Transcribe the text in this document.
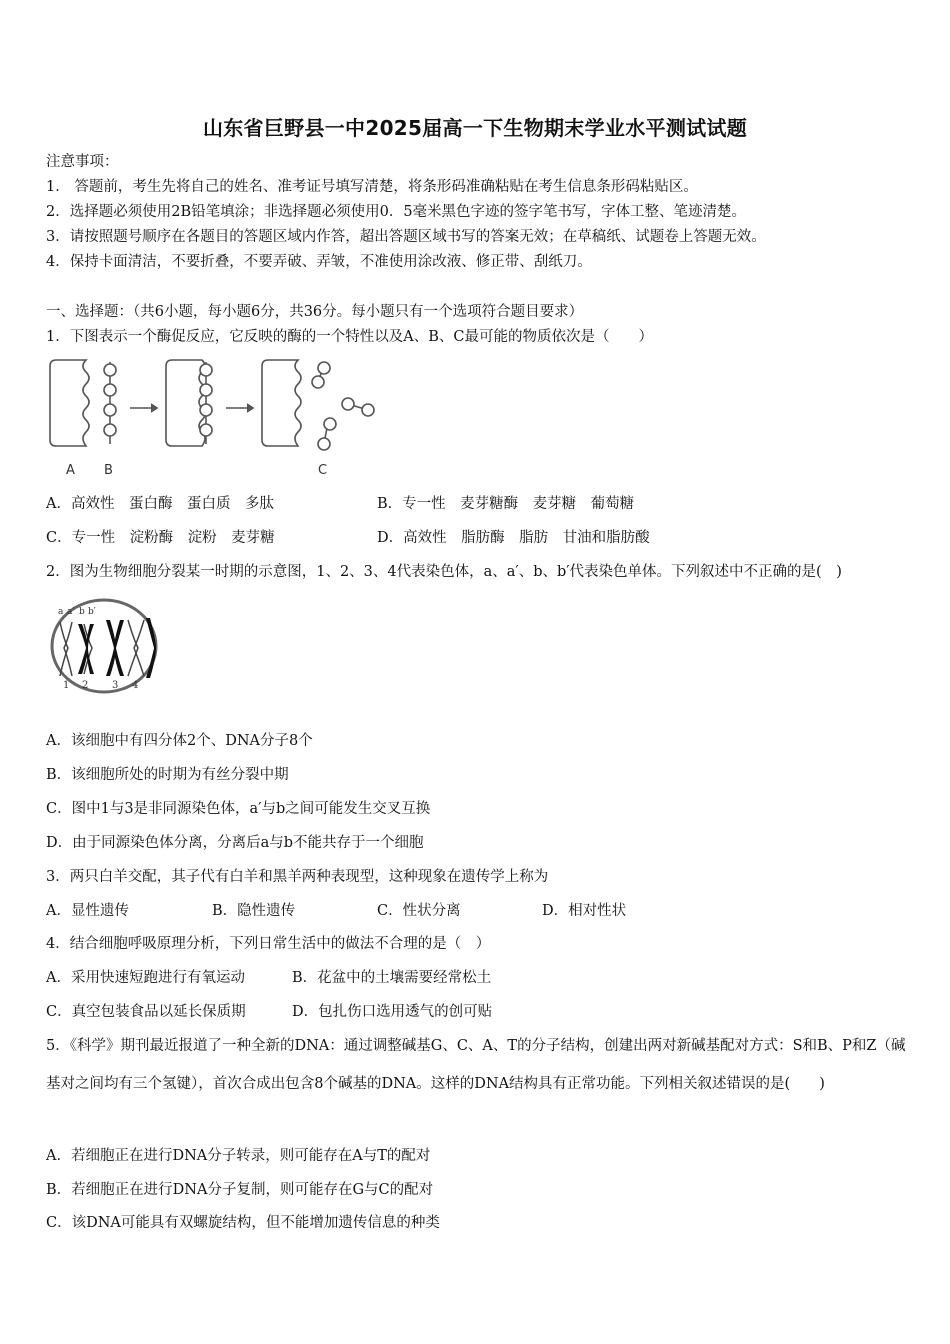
山东省巨野县一中2025届高一下生物期末学业水平测试试题
注意事项：
1． 答题前，考生先将自己的姓名、准考证号填写清楚，将条形码准确粘贴在考生信息条形码粘贴区。
2．选择题必须使用2B铅笔填涂；非选择题必须使用0．5毫米黑色字迹的签字笔书写，字体工整、笔迹清楚。
3．请按照题号顺序在各题目的答题区域内作答，超出答题区域书写的答案无效；在草稿纸、试题卷上答题无效。
4．保持卡面清洁，不要折叠，不要弄破、弄皱，不准使用涂改液、修正带、刮纸刀。
一、选择题：（共6小题，每小题6分，共36分。每小题只有一个选项符合题目要求）
1．下图表示一个酶促反应，它反映的酶的一个特性以及A、B、C最可能的物质依次是（　　）
A B	C
A．高效性　蛋白酶　蛋白质　多肽	B．专一性　麦芽糖酶　麦芽糖　葡萄糖
C．专一性　淀粉酶　淀粉　麦芽糖	D．高效性　脂肪酶　脂肪　甘油和脂肪酸
2．图为生物细胞分裂某一时期的示意图，1、2、3、4代表染色体，a、a′、b、b′代表染色单体。下列叙述中不正确的是(　)
a a′ b b′
1 2 3 4
A．该细胞中有四分体2个、DNA分子8个
B．该细胞所处的时期为有丝分裂中期
C．图中1与3是非同源染色体，a′与b之间可能发生交叉互换
D．由于同源染色体分离，分离后a与b不能共存于一个细胞
3．两只白羊交配，其子代有白羊和黑羊两种表现型，这种现象在遗传学上称为
A．显性遗传	B．隐性遗传	C．性状分离	D．相对性状
4．结合细胞呼吸原理分析，下列日常生活中的做法不合理的是（　）
A．采用快速短跑进行有氧运动	B．花盆中的土壤需要经常松土
C．真空包装食品以延长保质期	D．包扎伤口选用透气的创可贴
5．《科学》期刊最近报道了一种全新的DNA：通过调整碱基G、C、A、T的分子结构，创建出两对新碱基配对方式：S和B、P和Z（碱基对之间均有三个氢键），首次合成出包含8个碱基的DNA。这样的DNA结构具有正常功能。下列相关叙述错误的是(　　)
A．若细胞正在进行DNA分子转录，则可能存在A与T的配对
B．若细胞正在进行DNA分子复制，则可能存在G与C的配对
C．该DNA可能具有双螺旋结构，但不能增加遗传信息的种类
